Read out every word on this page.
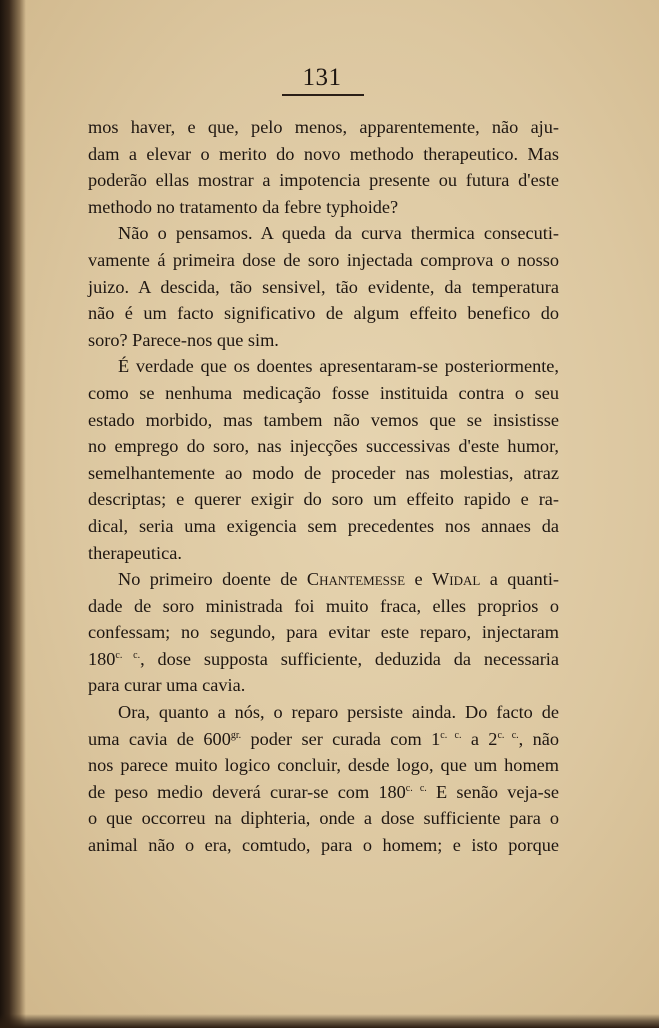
131

mos haver, e que, pelo menos, apparentemente, não aju-
dam a elevar o merito do novo methodo therapeutico. Mas
poderão ellas mostrar a impotencia presente ou futura d'este
methodo no tratamento da febre typhoide?

Não o pensamos. A queda da curva thermica consecuti-
vamente á primeira dose de soro injectada comprova o nosso
juizo. A descida, tão sensivel, tão evidente, da temperatura
não é um facto significativo de algum effeito benefico do
soro? Parece-nos que sim.

É verdade que os doentes apresentaram-se posteriormente,
como se nenhuma medicação fosse instituida contra o seu
estado morbido, mas tambem não vemos que se insistisse
no emprego do soro, nas injecções successivas d'este humor,
semelhantemente ao modo de proceder nas molestias, atraz
descriptas; e querer exigir do soro um effeito rapido e ra-
dical, seria uma exigencia sem precedentes nos annaes da
therapeutica.

No primeiro doente de Chantemesse e Widal a quanti-
dade de soro ministrada foi muito fraca, elles proprios o
confessam; no segundo, para evitar este reparo, injectaram
$180^{c. c.}$, dose supposta sufficiente, deduzida da necessaria
para curar uma cavia.

Ora, quanto a nós, o reparo persiste ainda. Do facto de
uma cavia de $600^{gr.}$ poder ser curada com $1^{c. c.}$ a $2^{c. c.}$, não
nos parece muito logico concluir, desde logo, que um homem
de peso medio deverá curar-se com $180^{c. c.}$ E senão veja-se
o que occorreu na diphteria, onde a dose sufficiente para o
animal não o era, comtudo, para o homem; e isto porque
